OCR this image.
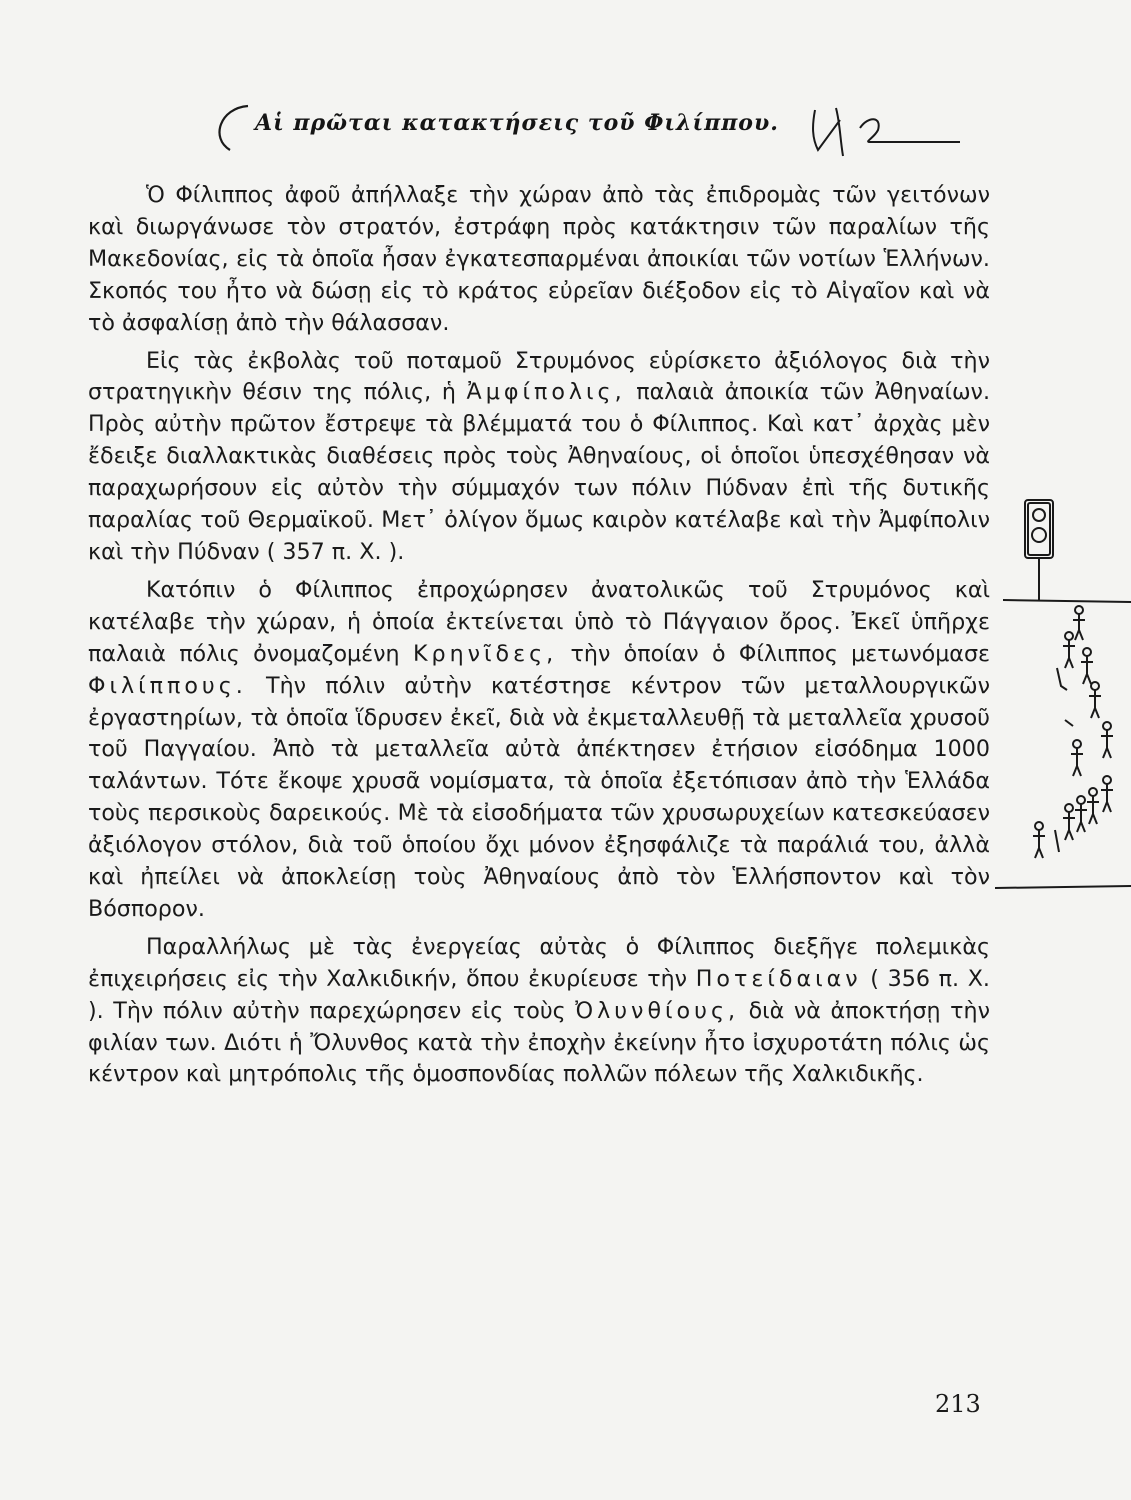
42
Αἱ πρῶται κατακτήσεις τοῦ Φιλίππου.

Ὁ Φίλιππος ἀφοῦ ἀπήλλαξε τὴν χώραν ἀπὸ τὰς ἐπιδρομὰς τῶν γειτόνων καὶ διωργάνωσε τὸν στρατόν, ἐστράφη πρὸς κατάκτησιν τῶν παραλίων τῆς Μακεδονίας, εἰς τὰ ὁποῖα ἦσαν ἐγκατεσπαρμέναι ἀποικίαι τῶν νοτίων Ἑλλήνων. Σκοπός του ἦτο νὰ δώσῃ εἰς τὸ κράτος εὐρεῖαν διέξοδον εἰς τὸ Αἰγαῖον καὶ νὰ τὸ ἀσφαλίσῃ ἀπὸ τὴν θάλασσαν.

Εἰς τὰς ἐκβολὰς τοῦ ποταμοῦ Στρυμόνος εὑρίσκετο ἀξιόλογος διὰ τὴν στρατηγικὴν θέσιν της πόλις, ἡ Ἀμφίπολις, παλαιὰ ἀποικία τῶν Ἀθηναίων. Πρὸς αὐτὴν πρῶτον ἔστρεψε τὰ βλέμματά του ὁ Φίλιππος. Καὶ κατ᾽ ἀρχὰς μὲν ἔδειξε διαλλακτικὰς διαθέσεις πρὸς τοὺς Ἀθηναίους, οἱ ὁποῖοι ὑπεσχέθησαν νὰ παραχωρήσουν εἰς αὐτὸν τὴν σύμμαχόν των πόλιν Πύδναν ἐπὶ τῆς δυτικῆς παραλίας τοῦ Θερμαϊκοῦ. Μετ᾽ ὀλίγον ὅμως καιρὸν κατέλαβε καὶ τὴν Ἀμφίπολιν καὶ τὴν Πύδναν ( 357 π. Χ. ).

Κατόπιν ὁ Φίλιππος ἐπροχώρησεν ἀνατολικῶς τοῦ Στρυμόνος καὶ κατέλαβε τὴν χώραν, ἡ ὁποία ἐκτείνεται ὑπὸ τὸ Πάγγαιον ὄρος. Ἐκεῖ ὑπῆρχε παλαιὰ πόλις ὀνομαζομένη Κρηνῖδες, τὴν ὁποίαν ὁ Φίλιππος μετωνόμασε Φιλίππους. Τὴν πόλιν αὐτὴν κατέστησε κέντρον τῶν μεταλλουργικῶν ἐργαστηρίων, τὰ ὁποῖα ἵδρυσεν ἐκεῖ, διὰ νὰ ἐκμεταλλευθῇ τὰ μεταλλεῖα χρυσοῦ τοῦ Παγγαίου. Ἀπὸ τὰ μεταλλεῖα αὐτὰ ἀπέκτησεν ἐτήσιον εἰσόδημα 1000 ταλάντων. Τότε ἔκοψε χρυσᾶ νομίσματα, τὰ ὁποῖα ἐξετόπισαν ἀπὸ τὴν Ἑλλάδα τοὺς περσικοὺς δαρεικούς. Μὲ τὰ εἰσοδήματα τῶν χρυσωρυχείων κατεσκεύασεν ἀξιόλογον στόλον, διὰ τοῦ ὁποίου ὄχι μόνον ἐξησφάλιζε τὰ παράλιά του, ἀλλὰ καὶ ἠπείλει νὰ ἀποκλείσῃ τοὺς Ἀθηναίους ἀπὸ τὸν Ἑλλήσποντον καὶ τὸν Βόσπορον.

Παραλλήλως μὲ τὰς ἐνεργείας αὐτὰς ὁ Φίλιππος διεξῆγε πολεμικὰς ἐπιχειρήσεις εἰς τὴν Χαλκιδικήν, ὅπου ἐκυρίευσε τὴν Ποτείδαιαν ( 356 π. Χ. ). Τὴν πόλιν αὐτὴν παρεχώρησεν εἰς τοὺς Ὀλυνθίους, διὰ νὰ ἀποκτήσῃ τὴν φιλίαν των. Διότι ἡ Ὄλυνθος κατὰ τὴν ἐποχὴν ἐκείνην ἦτο ἰσχυροτάτη πόλις ὡς κέντρον καὶ μητρόπολις τῆς ὁμοσπονδίας πολλῶν πόλεων τῆς Χαλκιδικῆς.

213
